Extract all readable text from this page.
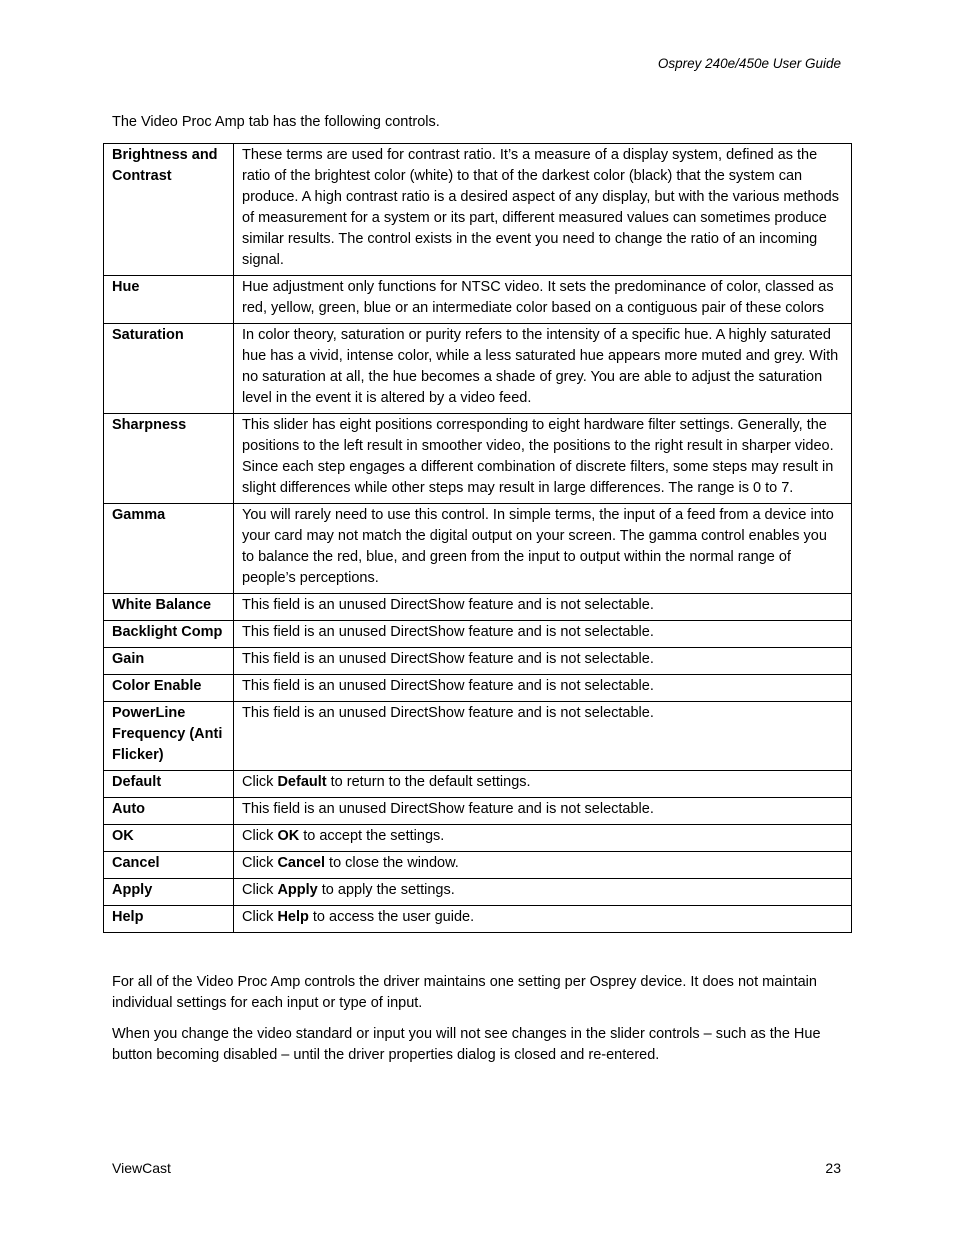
Osprey 240e/450e User Guide

The Video Proc Amp tab has the following controls.

Brightness and Contrast	These terms are used for contrast ratio. It’s a measure of a display system, defined as the ratio of the brightest color (white) to that of the darkest color (black) that the system can produce. A high contrast ratio is a desired aspect of any display, but with the various methods of measurement for a system or its part, different measured values can sometimes produce similar results. The control exists in the event you need to change the ratio of an incoming signal.
Hue	Hue adjustment only functions for NTSC video. It sets the predominance of color, classed as red, yellow, green, blue or an intermediate color based on a contiguous pair of these colors
Saturation	In color theory, saturation or purity refers to the intensity of a specific hue. A highly saturated hue has a vivid, intense color, while a less saturated hue appears more muted and grey. With no saturation at all, the hue becomes a shade of grey. You are able to adjust the saturation level in the event it is altered by a video feed.
Sharpness	This slider has eight positions corresponding to eight hardware filter settings. Generally, the positions to the left result in smoother video, the positions to the right result in sharper video. Since each step engages a different combination of discrete filters, some steps may result in slight differences while other steps may result in large differences. The range is 0 to 7.
Gamma	You will rarely need to use this control. In simple terms, the input of a feed from a device into your card may not match the digital output on your screen. The gamma control enables you to balance the red, blue, and green from the input to output within the normal range of people’s perceptions.
White Balance	This field is an unused DirectShow feature and is not selectable.
Backlight Comp	This field is an unused DirectShow feature and is not selectable.
Gain	This field is an unused DirectShow feature and is not selectable.
Color Enable	This field is an unused DirectShow feature and is not selectable.
PowerLine Frequency (Anti Flicker)	This field is an unused DirectShow feature and is not selectable.
Default	Click Default to return to the default settings.
Auto	This field is an unused DirectShow feature and is not selectable.
OK	Click OK to accept the settings.
Cancel	Click Cancel to close the window.
Apply	Click Apply to apply the settings.
Help	Click Help to access the user guide.

For all of the Video Proc Amp controls the driver maintains one setting per Osprey device. It does not maintain individual settings for each input or type of input.

When you change the video standard or input you will not see changes in the slider controls – such as the Hue button becoming disabled – until the driver properties dialog is closed and re-entered.

ViewCast	23
